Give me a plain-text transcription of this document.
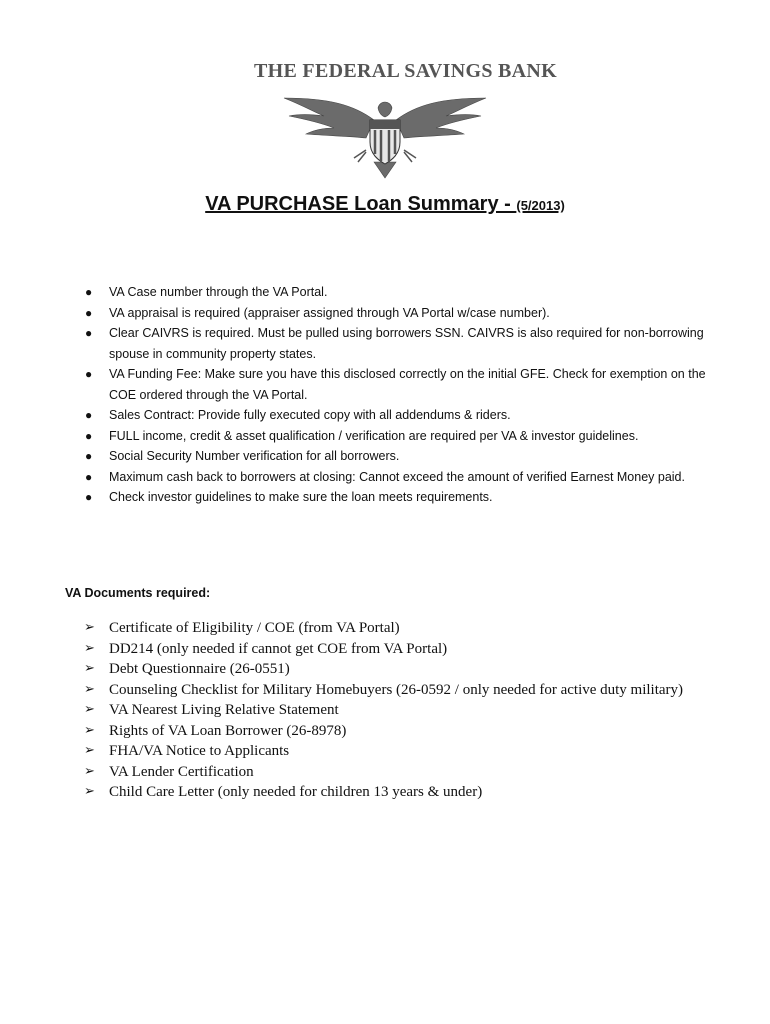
THE FEDERAL SAVINGS BANK
VA PURCHASE Loan Summary - (5/2013)
● VA Case number through the VA Portal.
● VA appraisal is required (appraiser assigned through VA Portal w/case number).
● Clear CAIVRS is required. Must be pulled using borrowers SSN. CAIVRS is also required for non-borrowing spouse in community property states.
● VA Funding Fee: Make sure you have this disclosed correctly on the initial GFE. Check for exemption on the COE ordered through the VA Portal.
● Sales Contract: Provide fully executed copy with all addendums & riders.
● FULL income, credit & asset qualification / verification are required per VA & investor guidelines.
● Social Security Number verification for all borrowers.
● Maximum cash back to borrowers at closing: Cannot exceed the amount of verified Earnest Money paid.
● Check investor guidelines to make sure the loan meets requirements.
VA Documents required:
➢ Certificate of Eligibility / COE (from VA Portal)
➢ DD214 (only needed if cannot get COE from VA Portal)
➢ Debt Questionnaire (26-0551)
➢ Counseling Checklist for Military Homebuyers (26-0592 / only needed for active duty military)
➢ VA Nearest Living Relative Statement
➢ Rights of VA Loan Borrower (26-8978)
➢ FHA/VA Notice to Applicants
➢ VA Lender Certification
➢ Child Care Letter (only needed for children 13 years & under)
